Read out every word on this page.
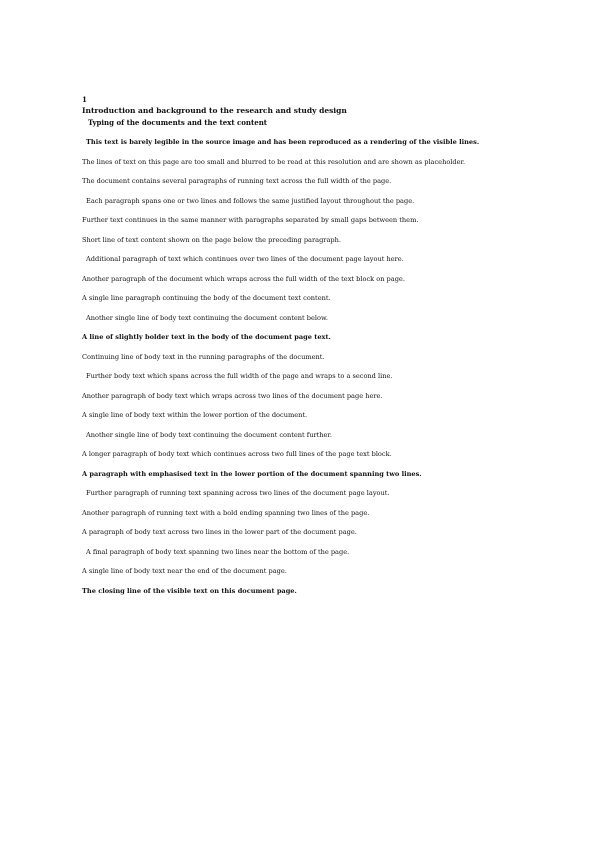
1
Introduction and background to the research and study design
Typing of the documents and the text content

This text is barely legible in the source image and has been reproduced as a rendering of the visible lines.

The lines of text on this page are too small and blurred to be read at this resolution and are shown as placeholder.

The document contains several paragraphs of running text across the full width of the page.

Each paragraph spans one or two lines and follows the same justified layout throughout the page.

Further text continues in the same manner with paragraphs separated by small gaps between them.

Short line of text content shown on the page below the preceding paragraph.

Additional paragraph of text which continues over two lines of the document page layout here.

Another paragraph of the document which wraps across the full width of the text block on page.

A single line paragraph continuing the body of the document text content.

Another single line of body text continuing the document content below.

A line of slightly bolder text in the body of the document page text.

Continuing line of body text in the running paragraphs of the document.

Further body text which spans across the full width of the page and wraps to a second line.

Another paragraph of body text which wraps across two lines of the document page here.

A single line of body text within the lower portion of the document.

Another single line of body text continuing the document content further.

A longer paragraph of body text which continues across two full lines of the page text block.

A paragraph with emphasised text in the lower portion of the document spanning two lines.

Further paragraph of running text spanning across two lines of the document page layout.

Another paragraph of running text with a bold ending spanning two lines of the page.

A paragraph of body text across two lines in the lower part of the document page.

A final paragraph of body text spanning two lines near the bottom of the page.

A single line of body text near the end of the document page.

The closing line of the visible text on this document page.
